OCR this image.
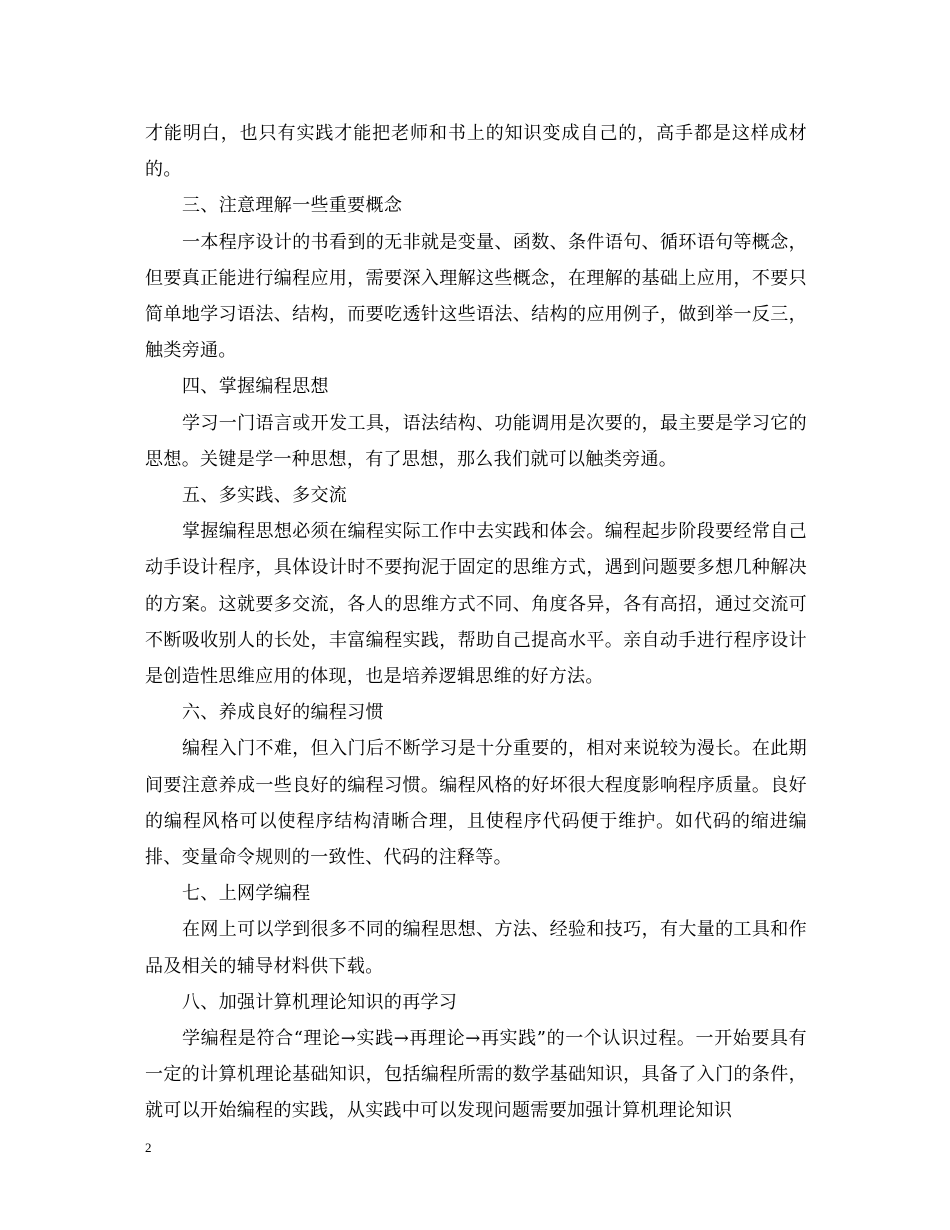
才能明白，也只有实践才能把老师和书上的知识变成自己的，高手都是这样成材的。

三、注意理解一些重要概念

一本程序设计的书看到的无非就是变量、函数、条件语句、循环语句等概念，但要真正能进行编程应用，需要深入理解这些概念，在理解的基础上应用，不要只简单地学习语法、结构，而要吃透针这些语法、结构的应用例子，做到举一反三，触类旁通。

四、掌握编程思想

学习一门语言或开发工具，语法结构、功能调用是次要的，最主要是学习它的思想。关键是学一种思想，有了思想，那么我们就可以触类旁通。

五、多实践、多交流

掌握编程思想必须在编程实际工作中去实践和体会。编程起步阶段要经常自己动手设计程序，具体设计时不要拘泥于固定的思维方式，遇到问题要多想几种解决的方案。这就要多交流，各人的思维方式不同、角度各异，各有高招，通过交流可不断吸收别人的长处，丰富编程实践，帮助自己提高水平。亲自动手进行程序设计是创造性思维应用的体现，也是培养逻辑思维的好方法。

六、养成良好的编程习惯

编程入门不难，但入门后不断学习是十分重要的，相对来说较为漫长。在此期间要注意养成一些良好的编程习惯。编程风格的好坏很大程度影响程序质量。良好的编程风格可以使程序结构清晰合理，且使程序代码便于维护。如代码的缩进编排、变量命令规则的一致性、代码的注释等。

七、上网学编程

在网上可以学到很多不同的编程思想、方法、经验和技巧，有大量的工具和作品及相关的辅导材料供下载。

八、加强计算机理论知识的再学习

学编程是符合“理论→实践→再理论→再实践”的一个认识过程。一开始要具有一定的计算机理论基础知识，包括编程所需的数学基础知识，具备了入门的条件，就可以开始编程的实践，从实践中可以发现问题需要加强计算机理论知识

2
